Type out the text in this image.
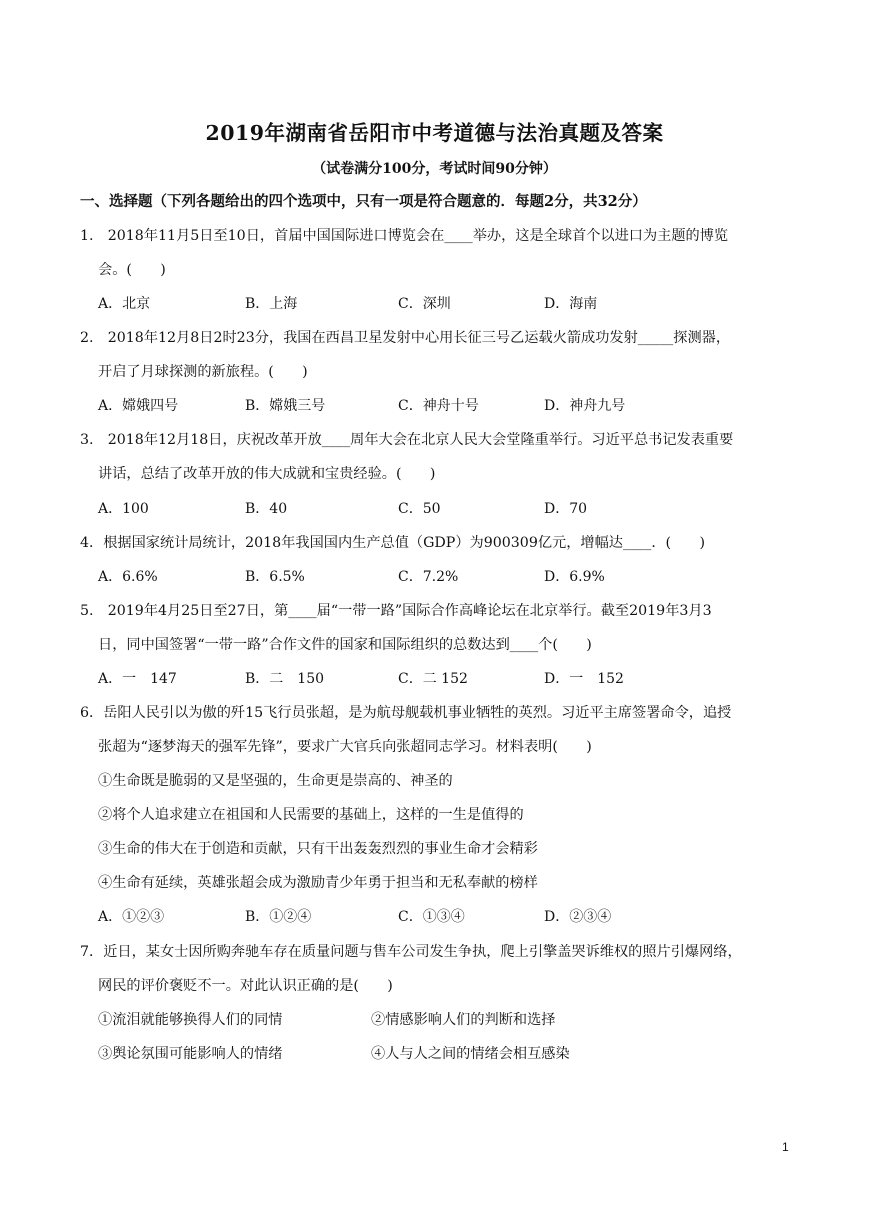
2019年湖南省岳阳市中考道德与法治真题及答案
（试卷满分100分，考试时间90分钟）
一、选择题（下列各题给出的四个选项中，只有一项是符合题意的．每题2分，共32分）
1.　2018年11月5日至10日，首届中国国际进口博览会在____举办，这是全球首个以进口为主题的博览
会。(　　)
A．北京	B．上海	C．深圳	D．海南
2.　2018年12月8日2时23分，我国在西昌卫星发射中心用长征三号乙运载火箭成功发射_____探测器，
开启了月球探测的新旅程。(　　)
A．嫦娥四号	B．嫦娥三号	C．神舟十号	D．神舟九号
3.　2018年12月18日，庆祝改革开放____周年大会在北京人民大会堂隆重举行。习近平总书记发表重要
讲话，总结了改革开放的伟大成就和宝贵经验。(　　)
A．100	B．40	C．50	D．70
4．根据国家统计局统计，2018年我国国内生产总值（GDP）为900309亿元，增幅达____．(　　)
A．6.6%	B．6.5%	C．7.2%	D．6.9%
5.　2019年4月25日至27日，第____届“一带一路”国际合作高峰论坛在北京举行。截至2019年3月3
日，同中国签署“一带一路”合作文件的国家和国际组织的总数达到____个(　　)
A．一　147	B．二　150	C．二 152	D．一　152
6．岳阳人民引以为傲的歼15飞行员张超，是为航母舰载机事业牺牲的英烈。习近平主席签署命令，追授
张超为“逐梦海天的强军先锋”，要求广大官兵向张超同志学习。材料表明(　　)
①生命既是脆弱的又是坚强的，生命更是崇高的、神圣的
②将个人追求建立在祖国和人民需要的基础上，这样的一生是值得的
③生命的伟大在于创造和贡献，只有干出轰轰烈烈的事业生命才会精彩
④生命有延续，英雄张超会成为激励青少年勇于担当和无私奉献的榜样
A．①②③	B．①②④	C．①③④	D．②③④
7．近日，某女士因所购奔驰车存在质量问题与售车公司发生争执，爬上引擎盖哭诉维权的照片引爆网络，
网民的评价褒贬不一。对此认识正确的是(　　)
①流泪就能够换得人们的同情	②情感影响人们的判断和选择
③舆论氛围可能影响人的情绪	④人与人之间的情绪会相互感染
1
